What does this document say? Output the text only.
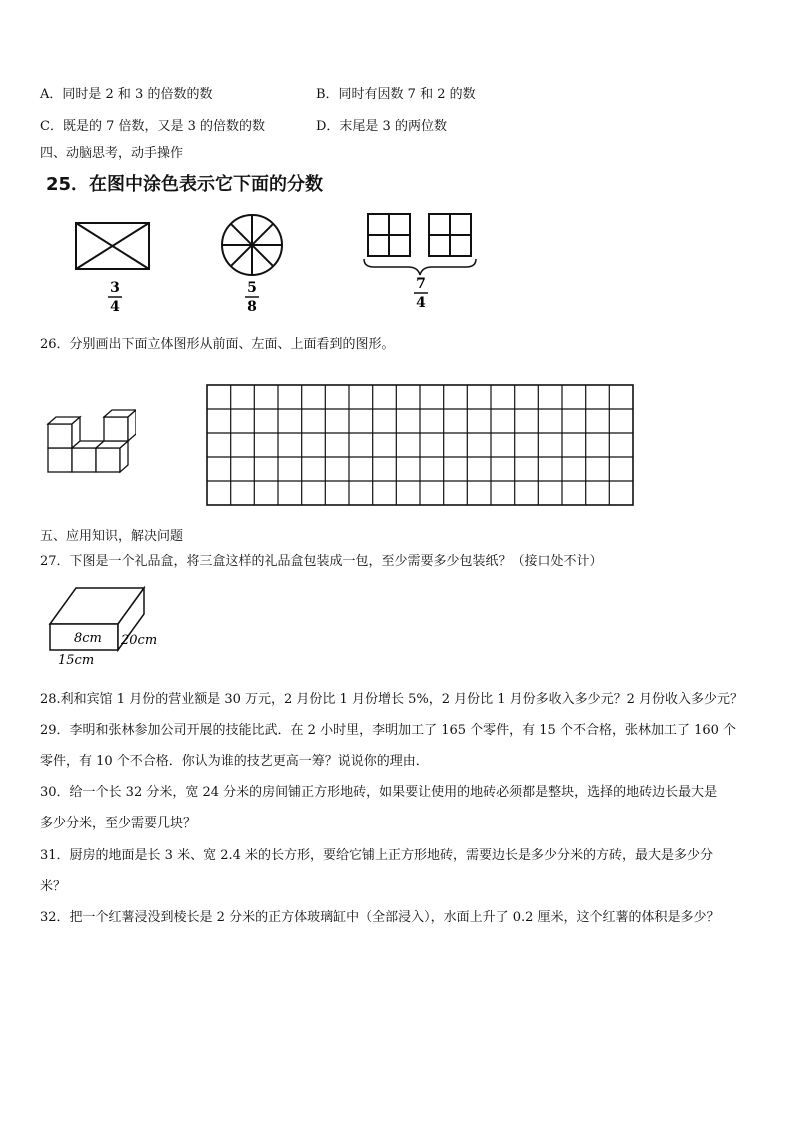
A．同时是 2 和 3 的倍数的数	B．同时有因数 7 和 2 的数
C．既是的 7 倍数，又是 3 的倍数的数	D．末尾是 3 的两位数
四、动脑思考，动手操作
25．在图中涂色表示它下面的分数
3
4
5
8
7
4
26．分别画出下面立体图形从前面、左面、上面看到的图形。
五、应用知识，解决问题
27．下图是一个礼品盒，将三盒这样的礼品盒包装成一包，至少需要多少包装纸？（接口处不计）
8cm 20cm
15cm
28.利和宾馆 1 月份的营业额是 30 万元，2 月份比 1 月份增长 5%，2 月份比 1 月份多收入多少元？2 月份收入多少元？
29．李明和张林参加公司开展的技能比武．在 2 小时里，李明加工了 165 个零件，有 15 个不合格，张林加工了 160 个
零件，有 10 个不合格．你认为谁的技艺更高一筹？说说你的理由．
30．给一个长 32 分米，宽 24 分米的房间铺正方形地砖，如果要让使用的地砖必须都是整块，选择的地砖边长最大是
多少分米，至少需要几块？
31．厨房的地面是长 3 米、宽 2.4 米的长方形，要给它铺上正方形地砖，需要边长是多少分米的方砖，最大是多少分
米？
32．把一个红薯浸没到棱长是 2 分米的正方体玻璃缸中（全部浸入），水面上升了 0.2 厘米，这个红薯的体积是多少？
